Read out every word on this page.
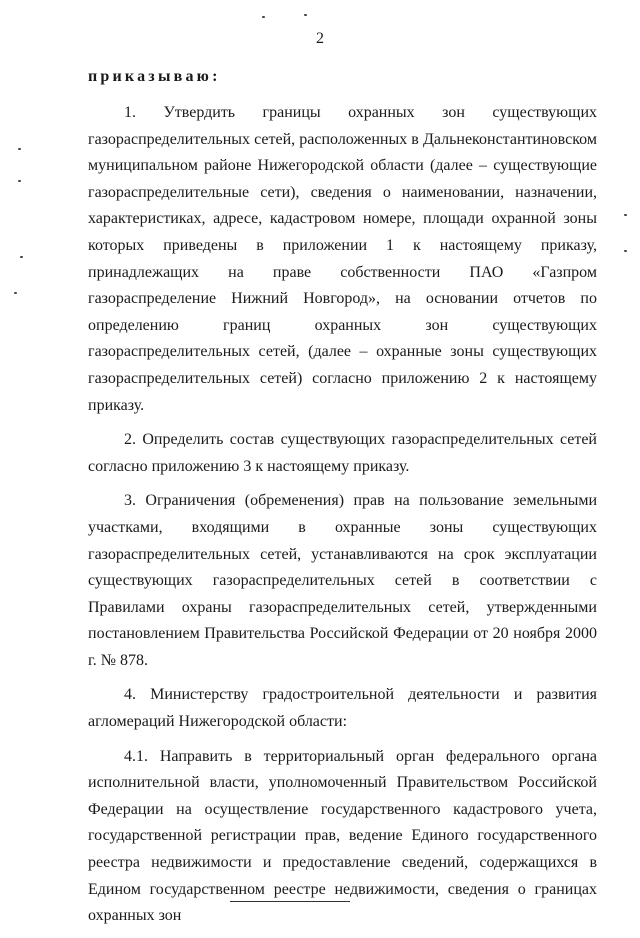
2
приказываю:

1. Утвердить границы охранных зон существующих газораспределительных сетей, расположенных в Дальнеконстантиновском муниципальном районе Нижегородской области (далее – существующие газораспределительные сети), сведения о наименовании, назначении, характеристиках, адресе, кадастровом номере, площади охранной зоны которых приведены в приложении 1 к настоящему приказу, принадлежащих на праве собственности ПАО «Газпром газораспределение Нижний Новгород», на основании отчетов по определению границ охранных зон существующих газораспределительных сетей, (далее – охранные зоны существующих газораспределительных сетей) согласно приложению 2 к настоящему приказу.

2. Определить состав существующих газораспределительных сетей согласно приложению 3 к настоящему приказу.

3. Ограничения (обременения) прав на пользование земельными участками, входящими в охранные зоны существующих газораспределительных сетей, устанавливаются на срок эксплуатации существующих газораспределительных сетей в соответствии с Правилами охраны газораспределительных сетей, утвержденными постановлением Правительства Российской Федерации от 20 ноября 2000 г. № 878.

4. Министерству градостроительной деятельности и развития агломераций Нижегородской области:

4.1. Направить в территориальный орган федерального органа исполнительной власти, уполномоченный Правительством Российской Федерации на осуществление государственного кадастрового учета, государственной регистрации прав, ведение Единого государственного реестра недвижимости и предоставление сведений, содержащихся в Едином государственном реестре недвижимости, сведения о границах охранных зон
